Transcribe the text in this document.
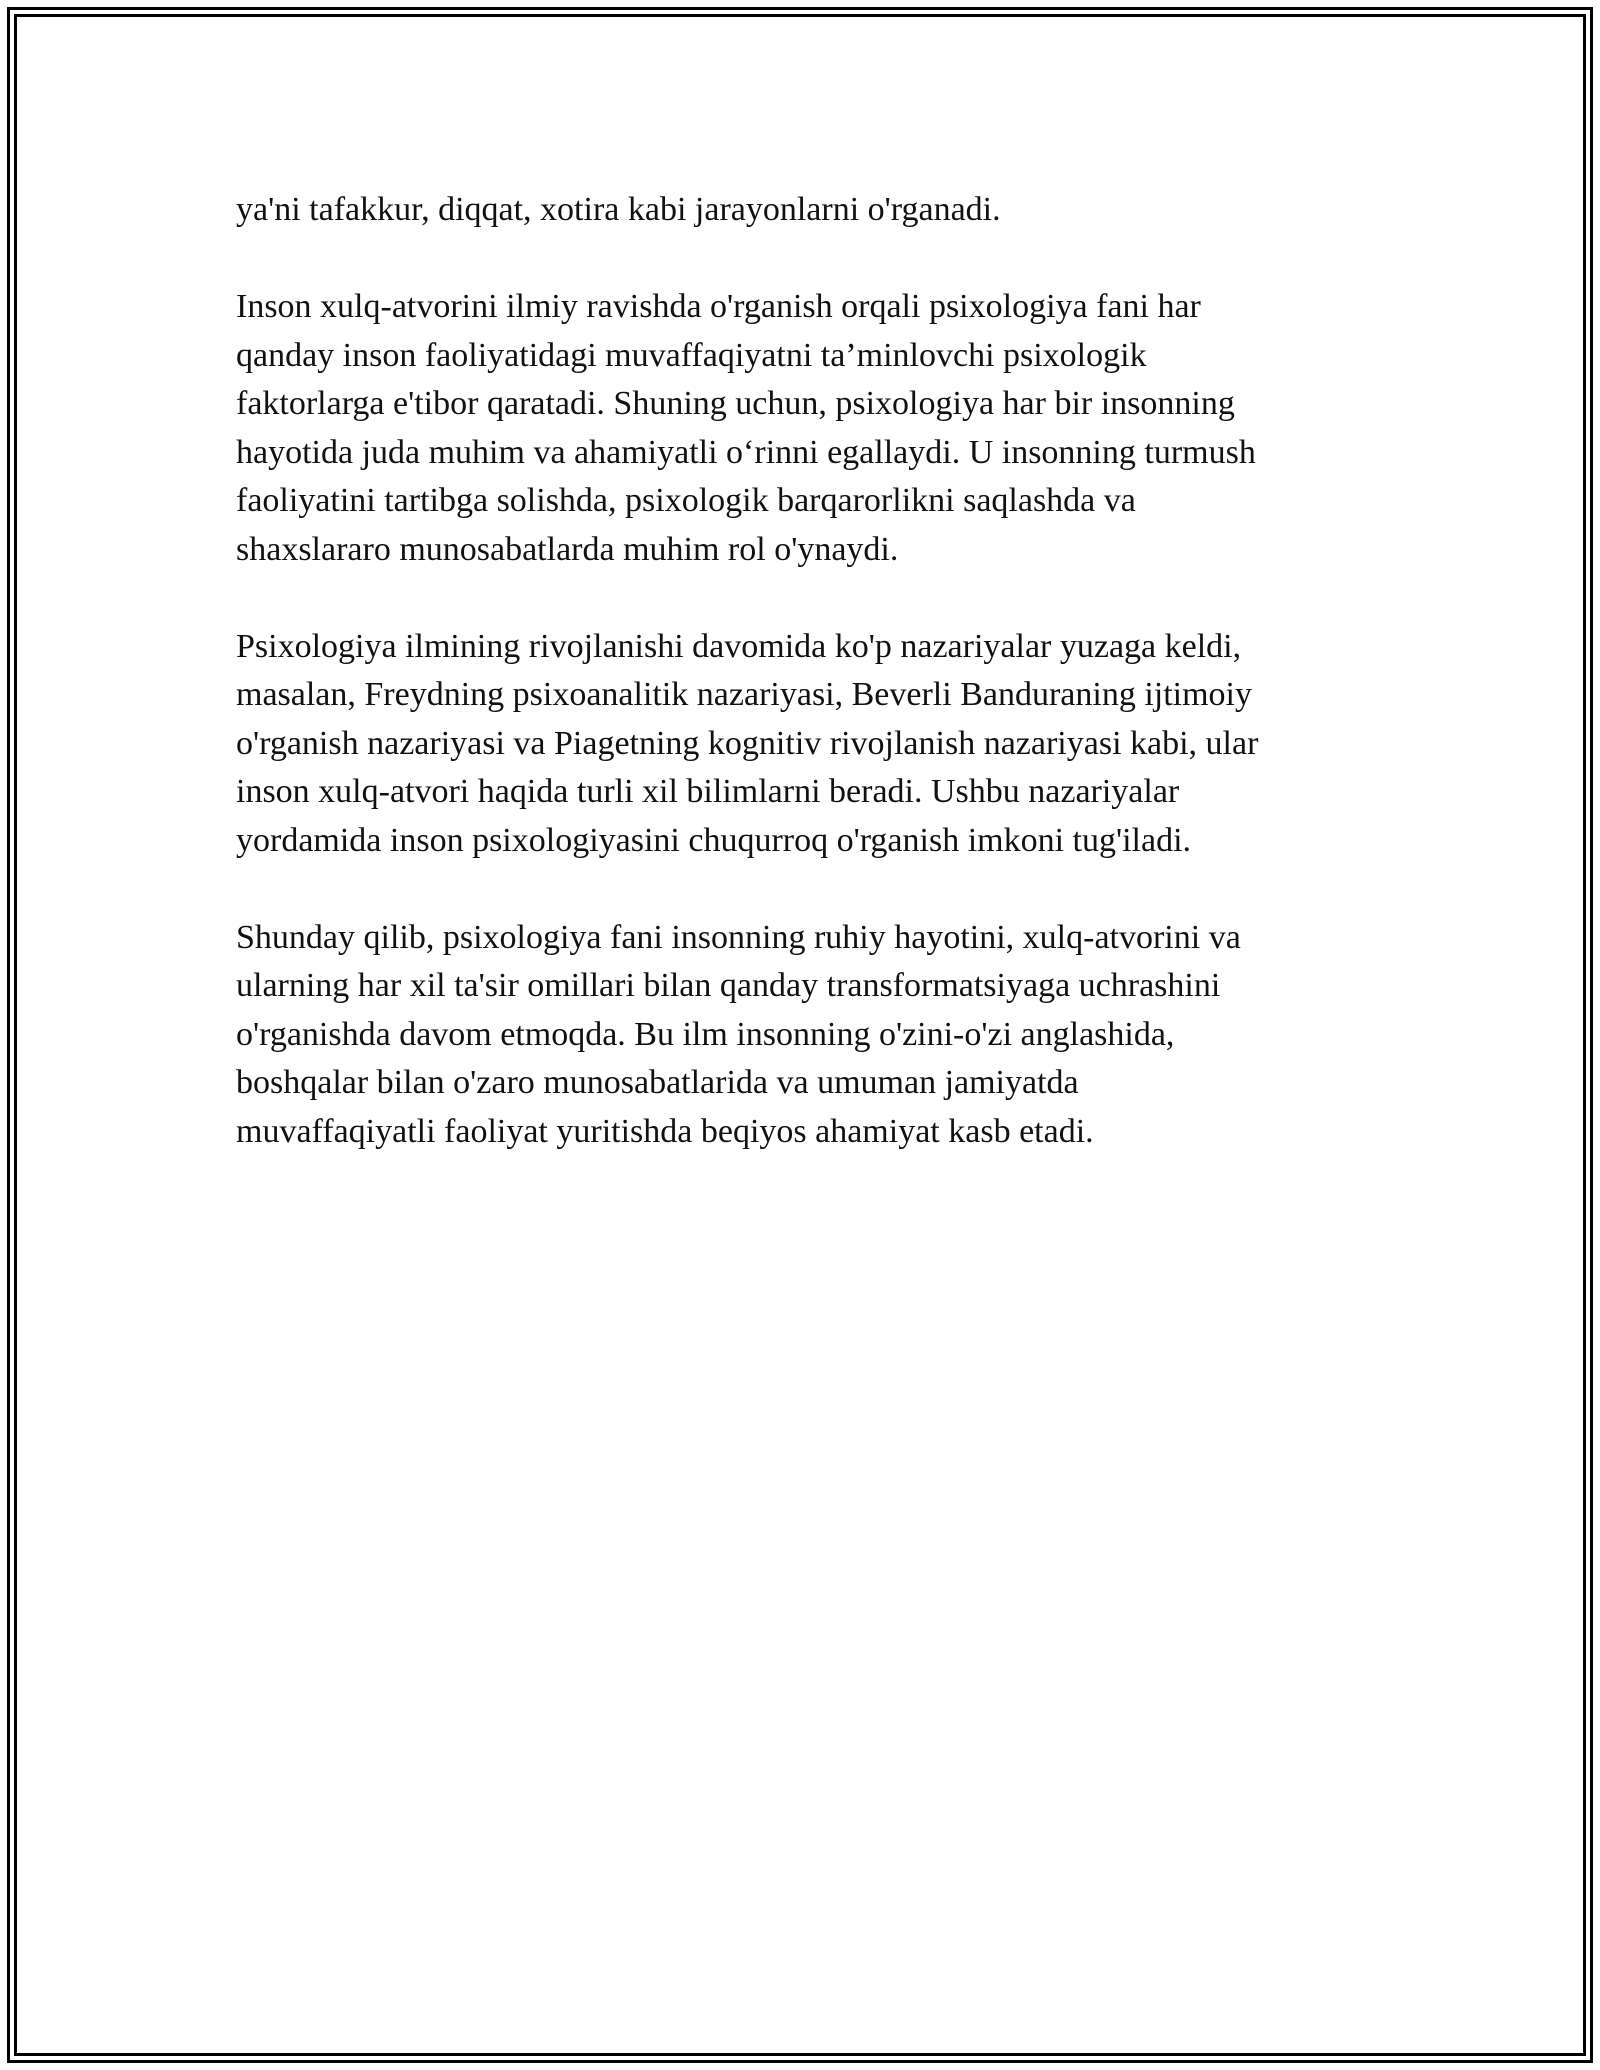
ya'ni tafakkur, diqqat, xotira kabi jarayonlarni o'rganadi.

Inson xulq-atvorini ilmiy ravishda o'rganish orqali psixologiya fani har
qanday inson faoliyatidagi muvaffaqiyatni ta’minlovchi psixologik
faktorlarga e'tibor qaratadi. Shuning uchun, psixologiya har bir insonning
hayotida juda muhim va ahamiyatli o‘rinni egallaydi. U insonning turmush
faoliyatini tartibga solishda, psixologik barqarorlikni saqlashda va
shaxslararo munosabatlarda muhim rol o'ynaydi.

Psixologiya ilmining rivojlanishi davomida ko'p nazariyalar yuzaga keldi,
masalan, Freydning psixoanalitik nazariyasi, Beverli Banduraning ijtimoiy
o'rganish nazariyasi va Piagetning kognitiv rivojlanish nazariyasi kabi, ular
inson xulq-atvori haqida turli xil bilimlarni beradi. Ushbu nazariyalar
yordamida inson psixologiyasini chuqurroq o'rganish imkoni tug'iladi.

Shunday qilib, psixologiya fani insonning ruhiy hayotini, xulq-atvorini va
ularning har xil ta'sir omillari bilan qanday transformatsiyaga uchrashini
o'rganishda davom etmoqda. Bu ilm insonning o'zini-o'zi anglashida,
boshqalar bilan o'zaro munosabatlarida va umuman jamiyatda
muvaffaqiyatli faoliyat yuritishda beqiyos ahamiyat kasb etadi.
